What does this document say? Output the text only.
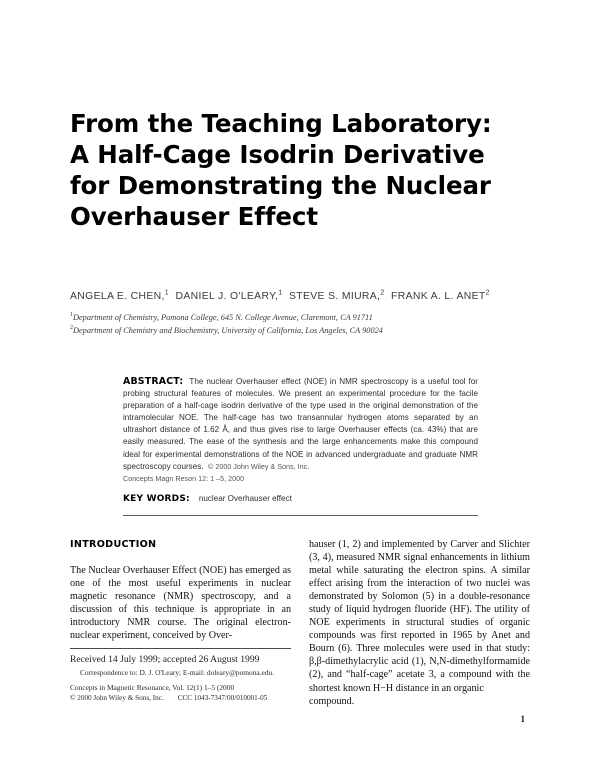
From the Teaching Laboratory: A Half-Cage Isodrin Derivative for Demonstrating the Nuclear Overhauser Effect
ANGELA E. CHEN,$^1$  DANIEL J. O'LEARY,$^1$  STEVE S. MIURA,$^2$  FRANK A. L. ANET$^2$
$^1$Department of Chemistry, Pomona College, 645 N. College Avenue, Claremont, CA 91711
$^2$Department of Chemistry and Biochemistry, University of California, Los Angeles, CA 90024
ABSTRACT: The nuclear Overhauser effect (NOE) in NMR spectroscopy is a useful tool for probing structural features of molecules. We present an experimental procedure for the facile preparation of a half-cage isodrin derivative of the type used in the original demonstration of the intramolecular NOE. The half-cage has two transannular hydrogen atoms separated by an ultrashort distance of 1.62 Å, and thus gives rise to large Overhauser effects (ca. 43%) that are easily measured. The ease of the synthesis and the large enhancements make this compound ideal for experimental demonstrations of the NOE in advanced undergraduate and graduate NMR spectroscopy courses. © 2000 John Wiley & Sons, Inc.
Concepts Magn Reson 12: 1 –5, 2000
KEY WORDS: nuclear Overhauser effect
INTRODUCTION

The Nuclear Overhauser Effect (NOE) has emerged as one of the most useful experiments in nuclear magnetic resonance (NMR) spectroscopy, and a discussion of this technique is appropriate in an introductory NMR course. The original electron-nuclear experiment, conceived by Over-

hauser (1, 2) and implemented by Carver and Slichter (3, 4), measured NMR signal enhancements in lithium metal while saturating the electron spins. A similar effect arising from the interaction of two nuclei was demonstrated by Solomon (5) in a double-resonance study of liquid hydrogen fluoride (HF). The utility of NOE experiments in structural studies of organic compounds was first reported in 1965 by Anet and Bourn (6). Three molecules were used in that study: β,β-dimethylacrylic acid (1), N,N-dimethylformamide (2), and “half-cage” acetate 3, a compound with the shortest known H−H distance in an organic

compound.

Received 14 July 1999; accepted 26 August 1999
Correspondence to: D. J. O'Leary; E-mail: doleary@pomona.edu.
Concepts in Magnetic Resonance, Vol. 12(1) 1–5 (2000
© 2000 John Wiley & Sons, Inc. CCC 1043-7347/00/010001-05
1
